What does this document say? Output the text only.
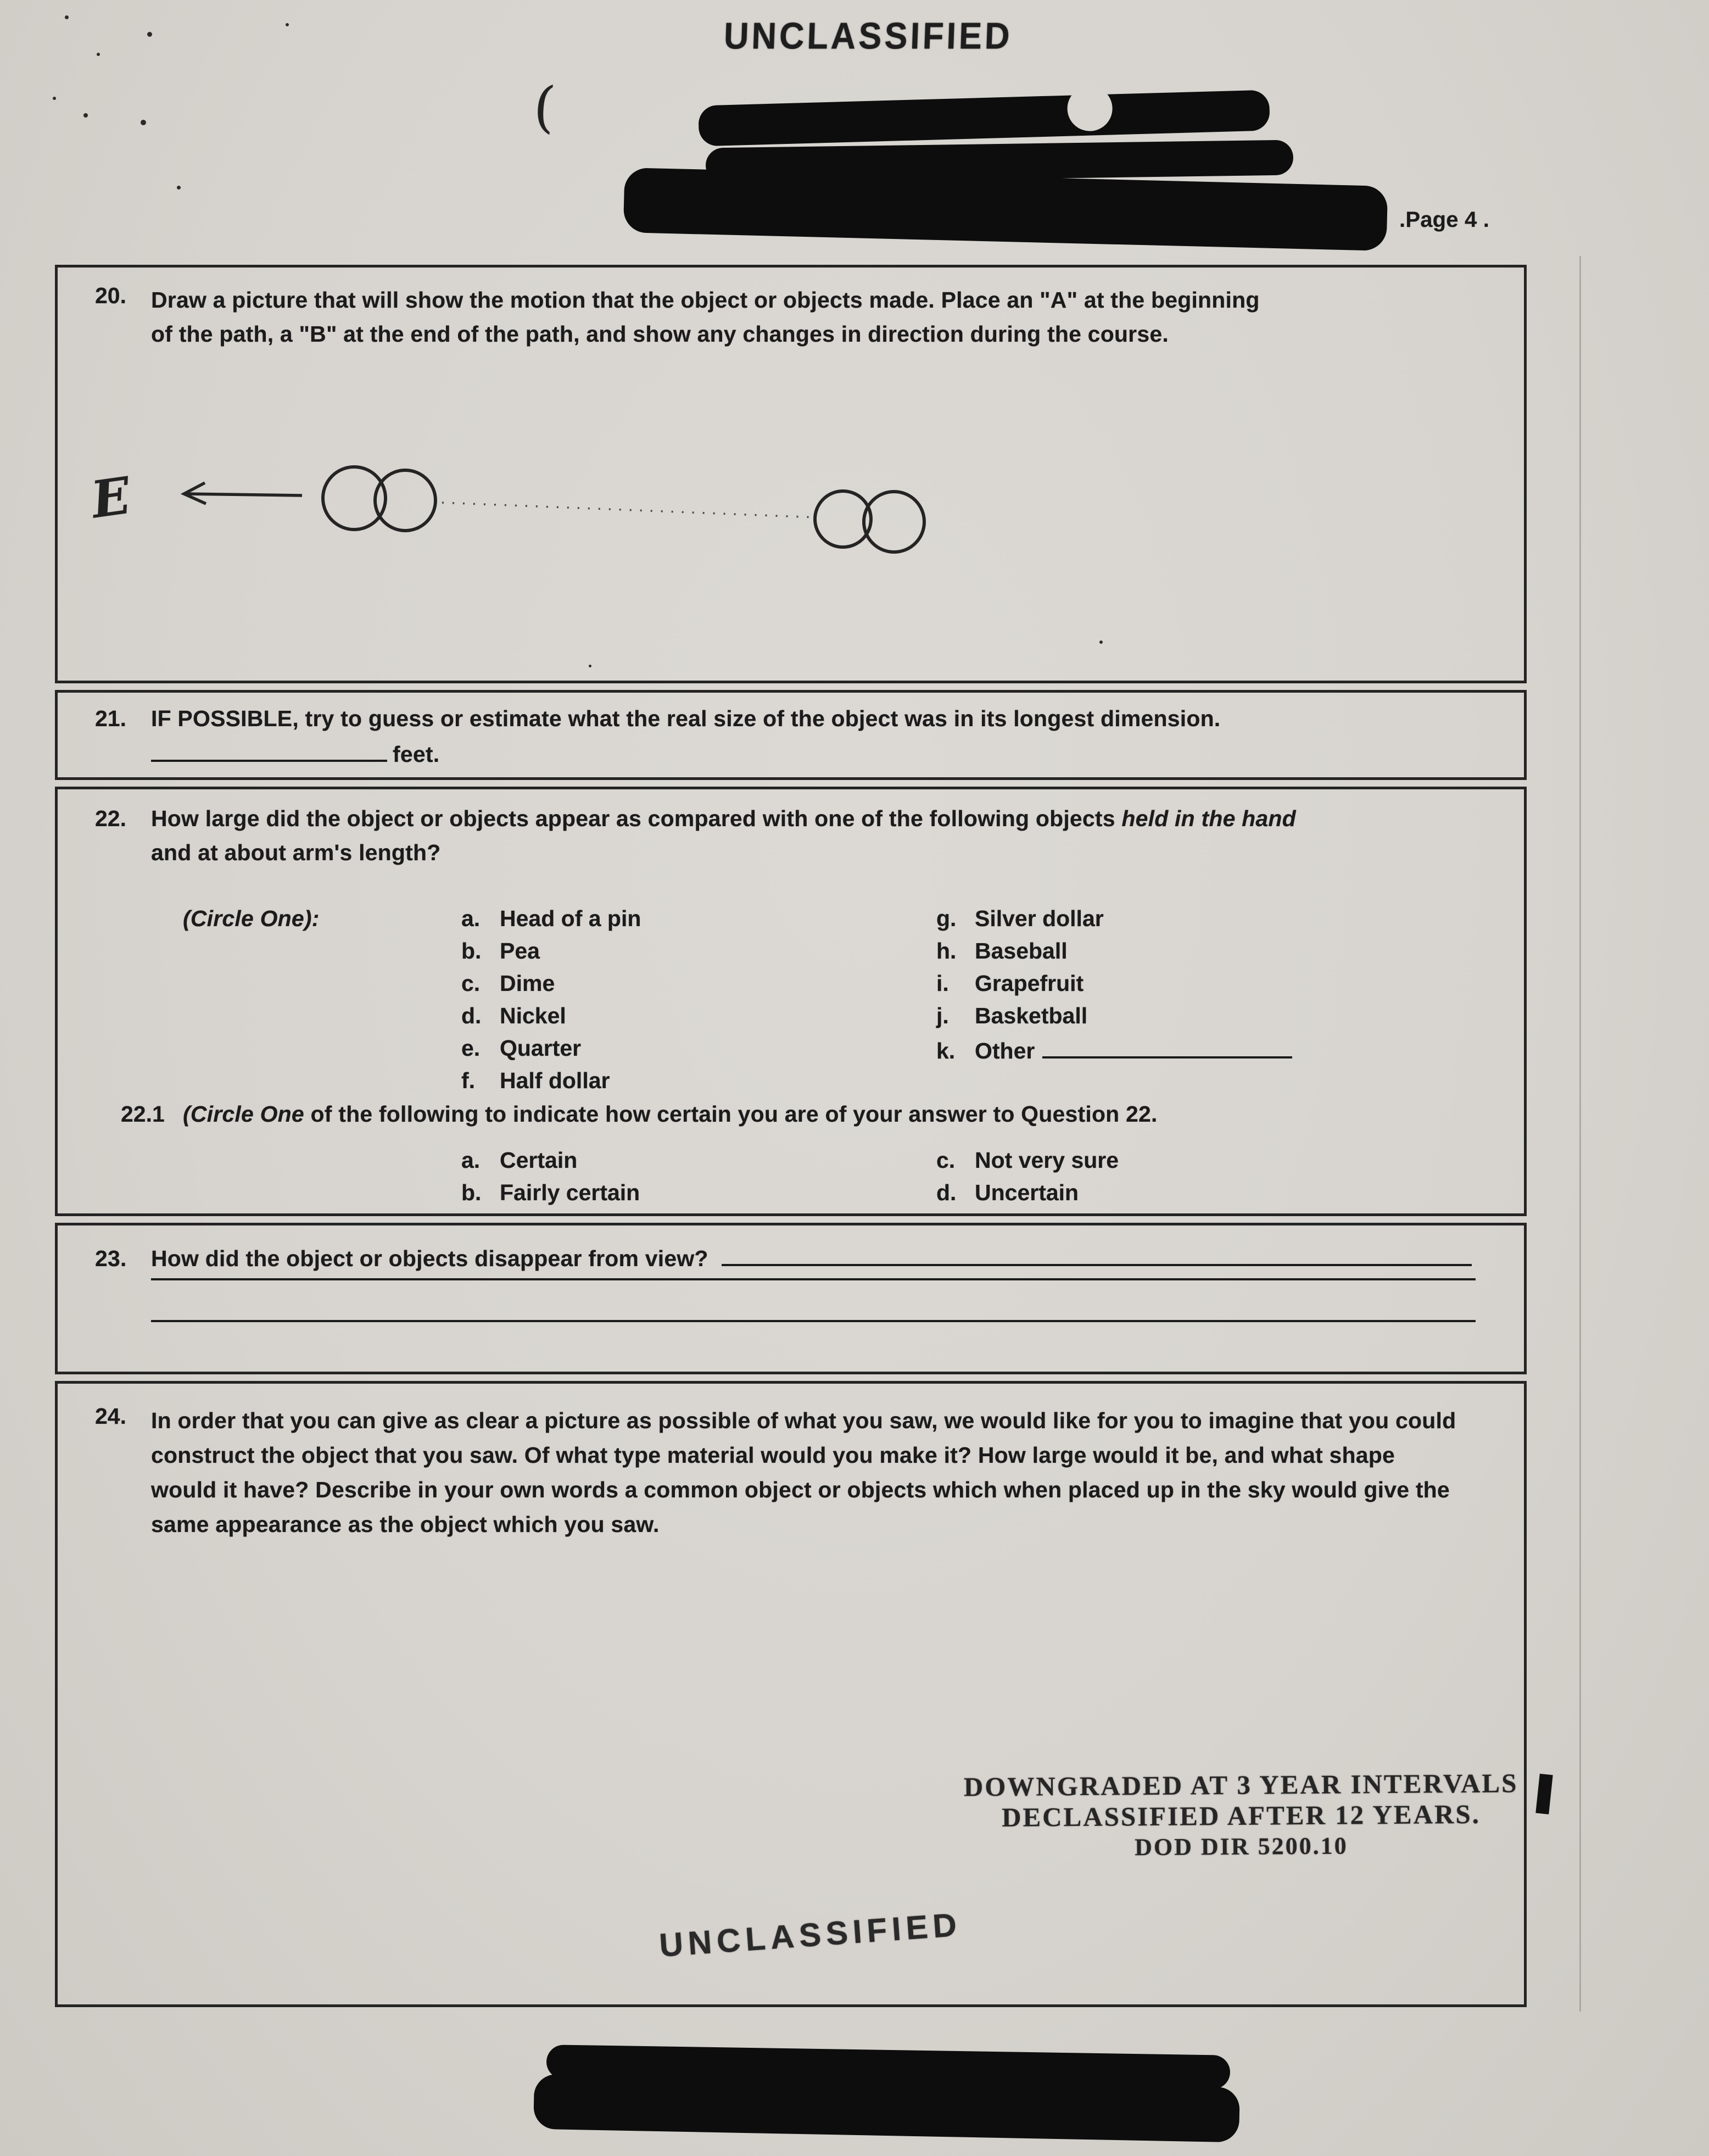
UNCLASSIFIED
(
.Page 4 .
20. Draw a picture that will show the motion that the object or objects made. Place an "A" at the beginning
of the path, a "B" at the end of the path, and show any changes in direction during the course.
E
21. IF POSSIBLE, try to guess or estimate what the real size of the object was in its longest dimension.
feet.
22. How large did the object or objects appear as compared with one of the following objects held in the hand
and at about arm's length?
(Circle One):	a. Head of a pin
b. Pea
c. Dime
d. Nickel
e. Quarter
f.	Half dollar
g. Silver dollar
h. Baseball
i.	Grapefruit
j.	Basketball
k. Other
22.1 (Circle One of the following to indicate how certain you are of your answer to Question 22.
a. Certain
b. Fairly certain
c. Not very sure
d. Uncertain
23.	How did the object or objects disappear from view?
24. In order that you can give as clear a picture as possible of what you saw, we would like for you to imagine that you could
construct the object that you saw. Of what type material would you make it? How large would it be, and what shape
would it have? Describe in your own words a common object or objects which when placed up in the sky would give the
same appearance as the object which you saw.
DOWNGRADED AT 3 YEAR INTERVALS
DECLASSIFIED AFTER 12 YEARS.
DOD DIR 5200.10
UNCLASSIFIED
